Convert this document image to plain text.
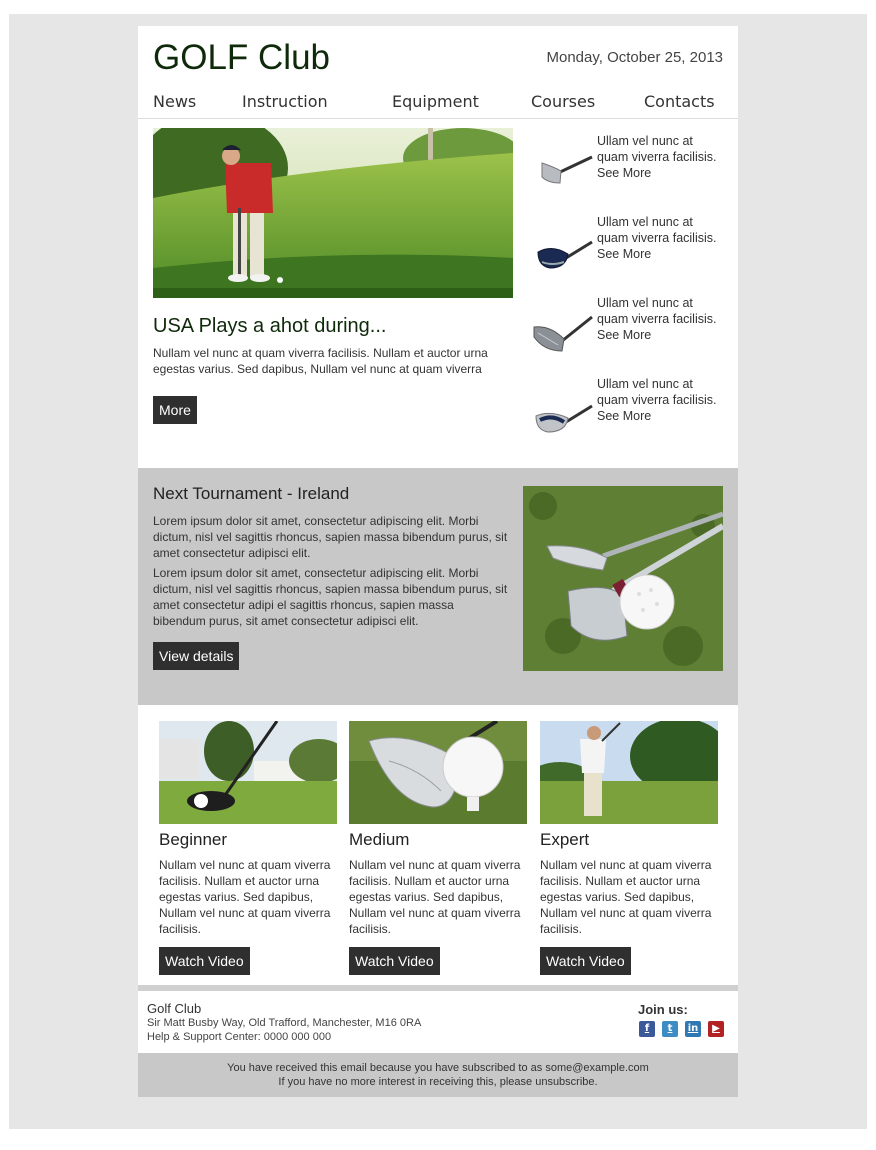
GOLF Club	Monday, October 25, 2013
News	Instruction	Equipment	Courses	Contacts
USA Plays a ahot during...

Nullam vel nunc at quam viverra facilisis. Nullam et auctor urna egestas varius. Sed dapibus, Nullam vel nunc at quam viverra

More
Ullam vel nunc at quam viverra facilisis.
See More
Ullam vel nunc at quam viverra facilisis.
See More
Ullam vel nunc at quam viverra facilisis.
See More
Ullam vel nunc at quam viverra facilisis.
See More
Next Tournament - Ireland

Lorem ipsum dolor sit amet, consectetur adipiscing elit. Morbi dictum, nisl vel sagittis rhoncus, sapien massa bibendum purus, sit amet consectetur adipisci elit.

Lorem ipsum dolor sit amet, consectetur adipiscing elit. Morbi dictum, nisl vel sagittis rhoncus, sapien massa bibendum purus, sit amet consectetur adipi el sagittis rhoncus, sapien massa bibendum purus, sit amet consectetur adipisci elit.

View details
Beginner

Nullam vel nunc at quam viverra facilisis. Nullam et auctor urna egestas varius. Sed dapibus, Nullam vel nunc at quam viverra facilisis.

Watch Video
Medium

Nullam vel nunc at quam viverra facilisis. Nullam et auctor urna egestas varius. Sed dapibus, Nullam vel nunc at quam viverra facilisis.

Watch Video
Expert

Nullam vel nunc at quam viverra facilisis. Nullam et auctor urna egestas varius. Sed dapibus, Nullam vel nunc at quam viverra facilisis.

Watch Video
Golf Club
Sir Matt Busby Way, Old Trafford, Manchester, M16 0RA
Help & Support Center: 0000 000 000
Join us:
f	t	in	▶
You have received this email because you have subscribed to as some@example.com
If you have no more interest in receiving this, please unsubscribe.
